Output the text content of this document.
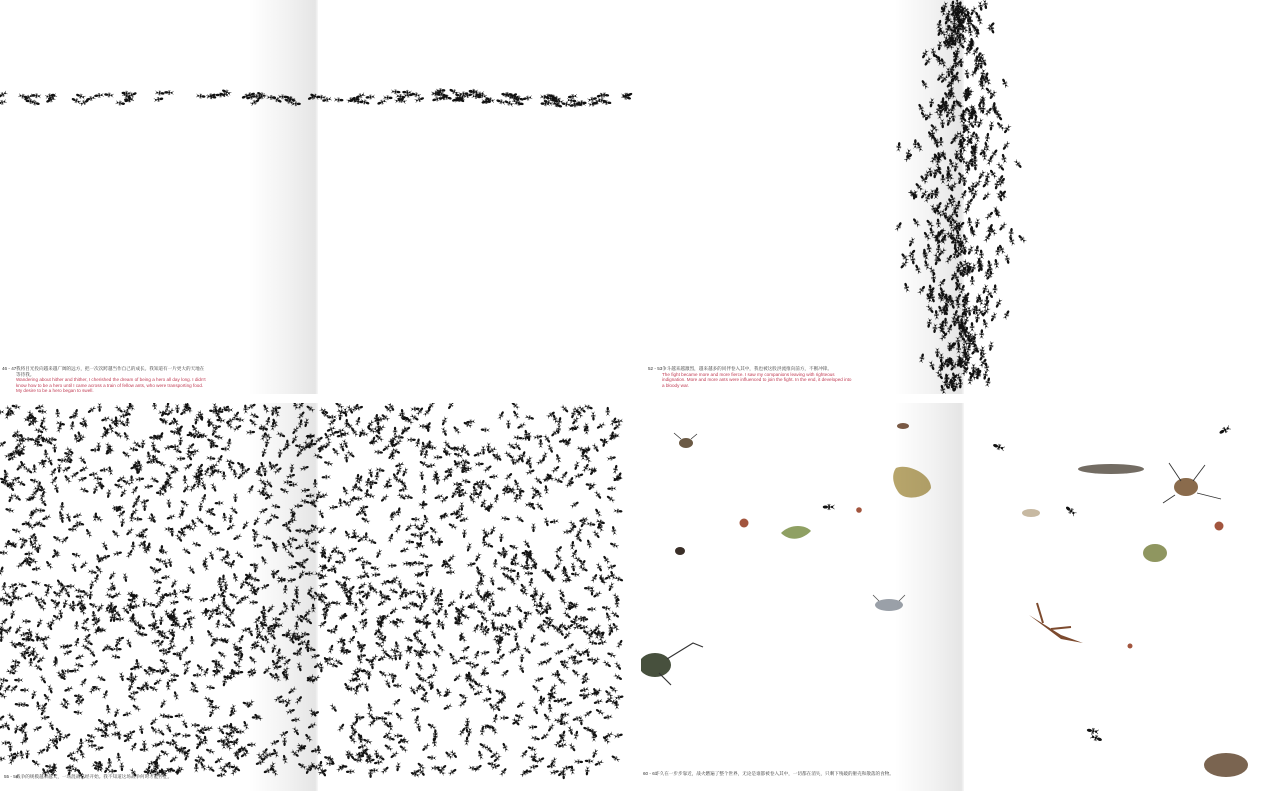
46 - 47 我将目光投向越来越广阔的远方，把一次次跨越当作自己的成长。我知道有一片更大的天地在等待我。
Wandering about hither and thither, I cherished the dream of being a hero all day long. I didn't know how to be a hero until I came across a train of fellow ants, who were transporting food. My desire to be a hero began to swell.
52 - 53 争斗越来越激烈，越来越多的同伴卷入其中，我也被这股洪流推向前方，不断冲锋。
The fight became more and more fierce. I saw my companions leaving with righteous indignation. More and more ants were influenced to join the fight. In the end, it developed into a bloody war.
55 - 56
战争的规模越来越大，一场混战已经开始。我不知道这场战争何时才能停止。
60 - 61
不久在一步步靠近，战火燃遍了整个世界，无论是谁都被卷入其中，一切都在消失，只剩下残破的躯壳和散落的食物。
